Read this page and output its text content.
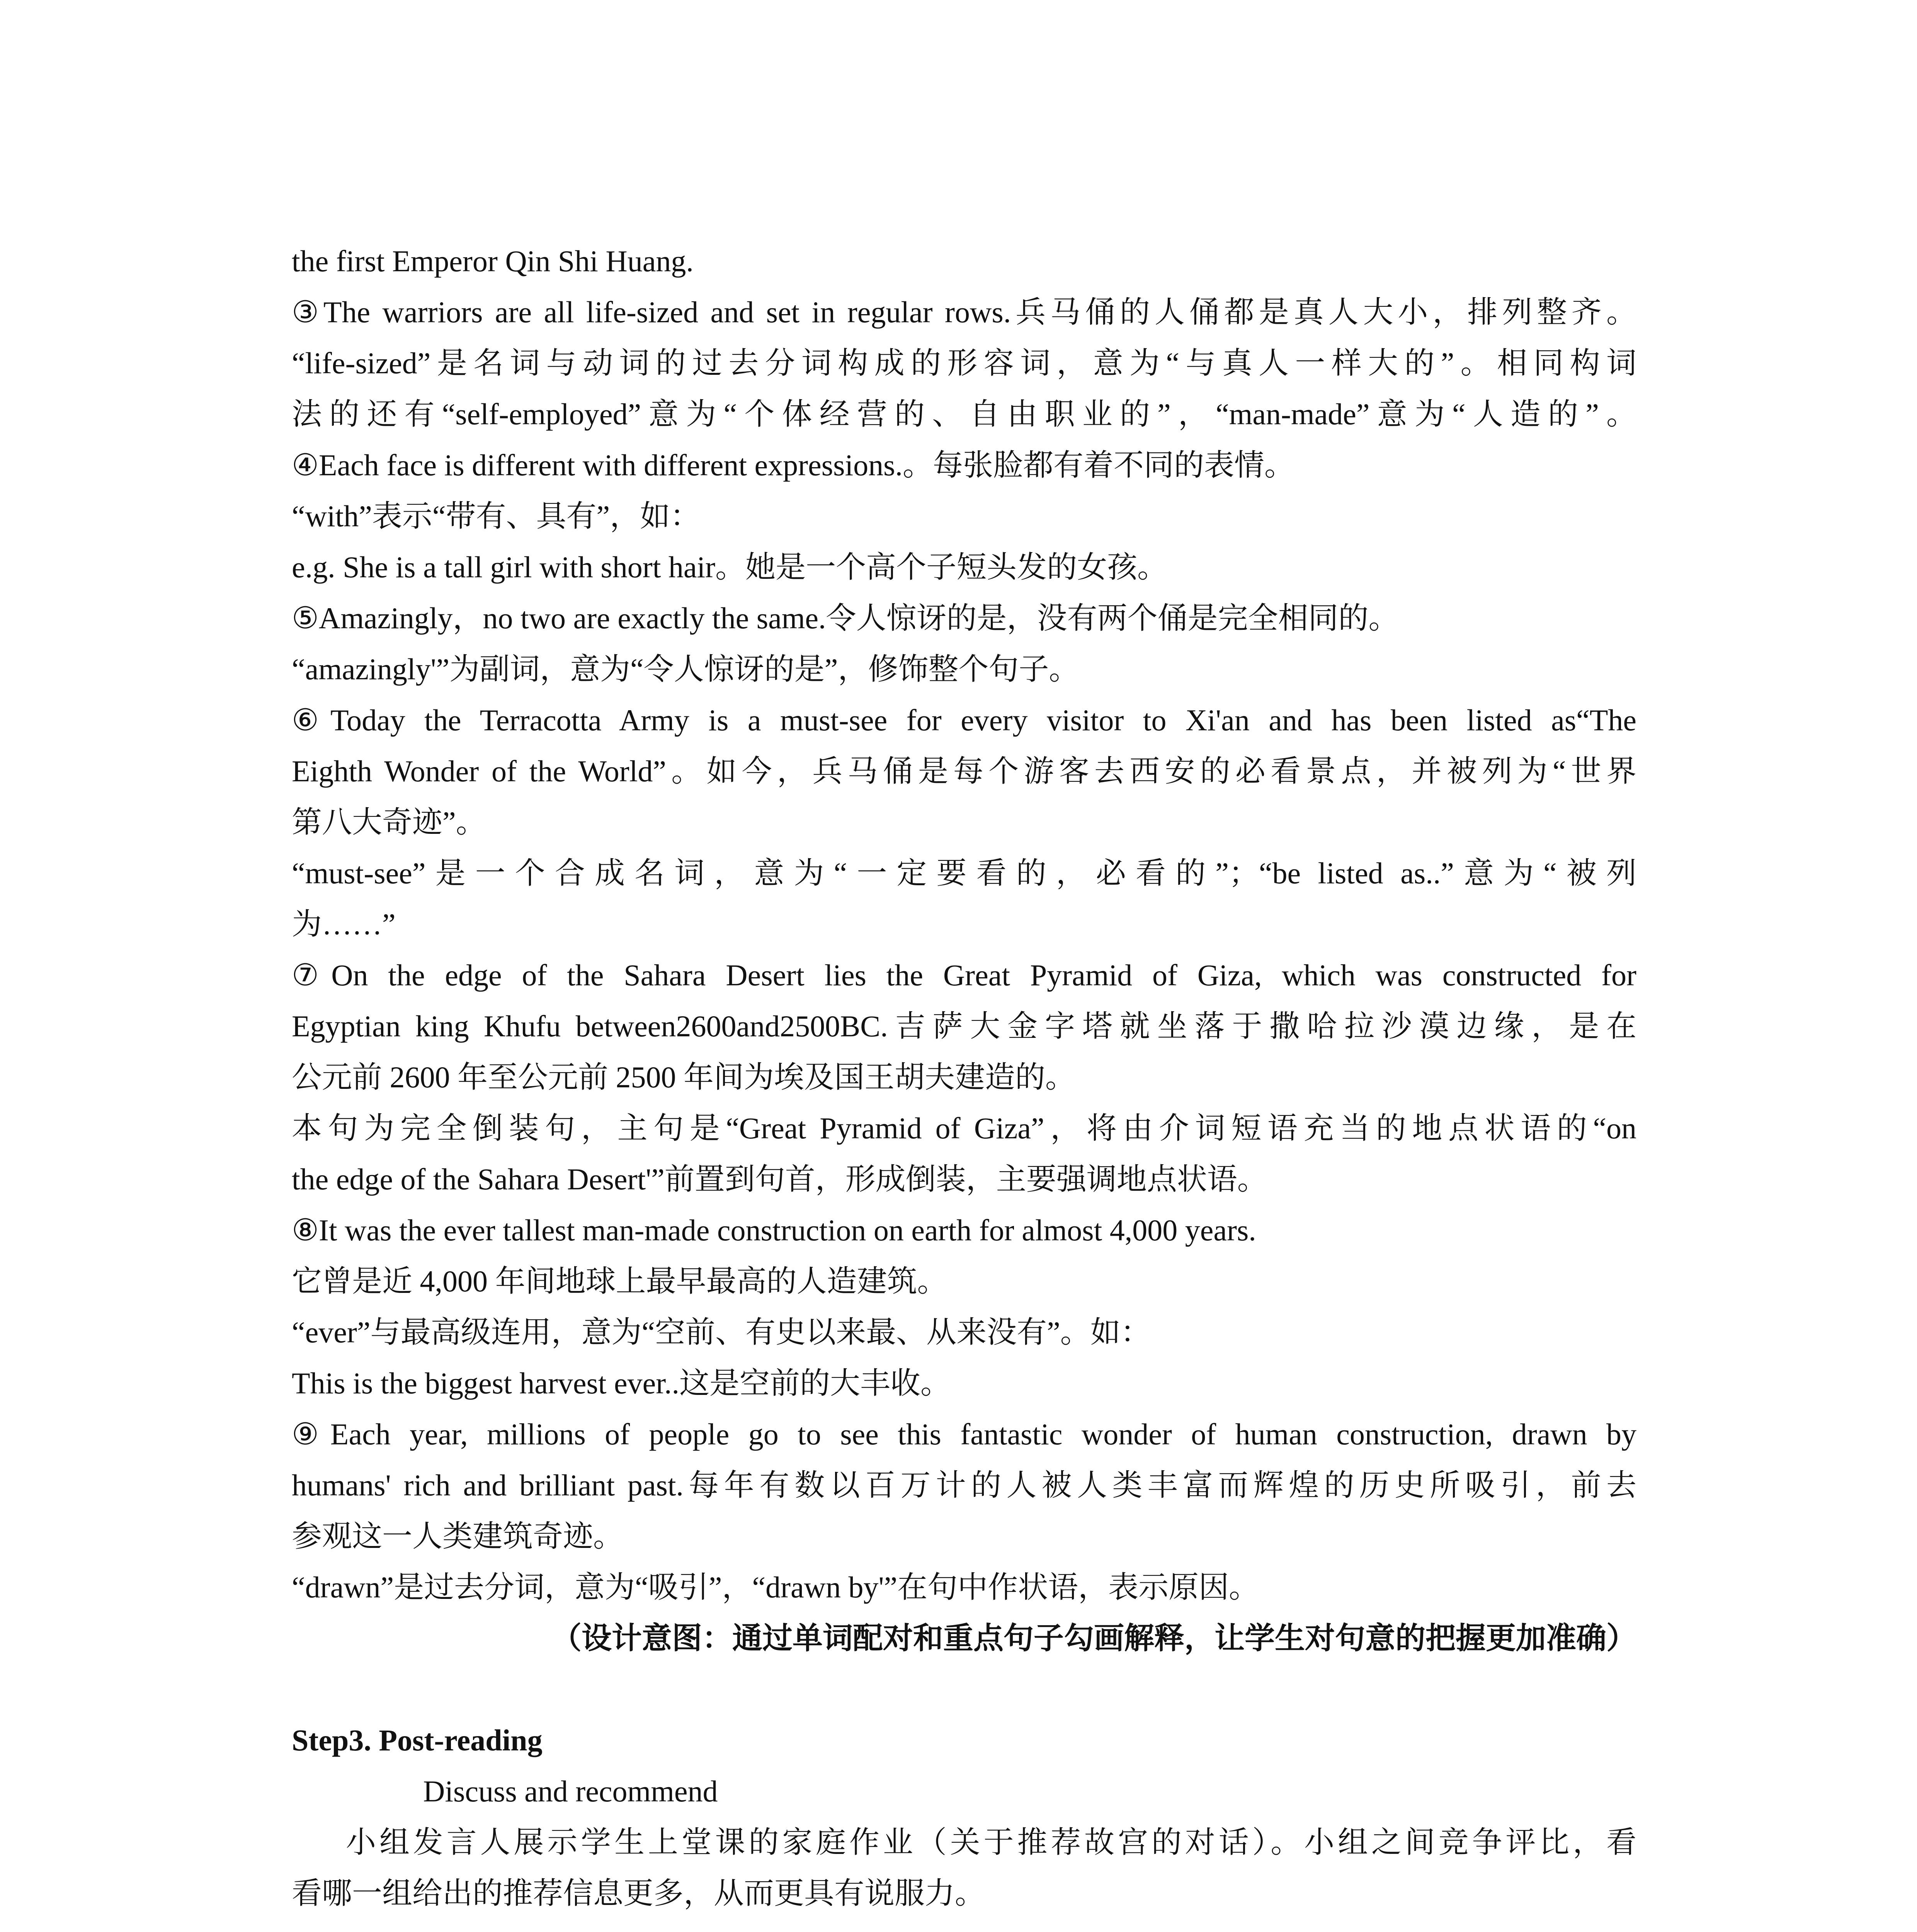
the first Emperor Qin Shi Huang.
③The warriors are all life-sized and set in regular rows.兵马俑的人俑都是真人大小，排列整齐。
“life-sized”是名词与动词的过去分词构成的形容词，意为“与真人一样大的”。相同构词
法的还有“self-employed”意为“个体经营的、自由职业的”，“man-made”意为“人造的”。
④Each face is different with different expressions.。每张脸都有着不同的表情。
“with”表示“带有、具有”，如：
e.g. She is a tall girl with short hair。她是一个高个子短头发的女孩。
⑤Amazingly，no two are exactly the same.令人惊讶的是，没有两个俑是完全相同的。
“amazingly'”为副词，意为“令人惊讶的是”，修饰整个句子。
⑥Today the Terracotta Army is a must-see for every visitor to Xi'an and has been listed as“The
Eighth Wonder of the World”。如今，兵马俑是每个游客去西安的必看景点，并被列为“世界
第八大奇迹”。
“must-see”是一个合成名词，意为“一定要看的，必看的”；“be listed as..”意为“被列
为……”
⑦On the edge of the Sahara Desert lies the Great Pyramid of Giza, which was constructed for
Egyptian king Khufu between2600and2500BC.吉萨大金字塔就坐落于撒哈拉沙漠边缘，是在
公元前 2600 年至公元前 2500 年间为埃及国王胡夫建造的。
本句为完全倒装句，主句是“Great Pyramid of Giza”，将由介词短语充当的地点状语的“on
the edge of the Sahara Desert'”前置到句首，形成倒装，主要强调地点状语。
⑧It was the ever tallest man-made construction on earth for almost 4,000 years.
它曾是近 4,000 年间地球上最早最高的人造建筑。
“ever”与最高级连用，意为“空前、有史以来最、从来没有”。如：
This is the biggest harvest ever..这是空前的大丰收。
⑨Each year, millions of people go to see this fantastic wonder of human construction, drawn by
humans' rich and brilliant past.每年有数以百万计的人被人类丰富而辉煌的历史所吸引，前去
参观这一人类建筑奇迹。
“drawn”是过去分词，意为“吸引”，“drawn by'”在句中作状语，表示原因。
（设计意图：通过单词配对和重点句子勾画解释，让学生对句意的把握更加准确）
Step3. Post-reading
Discuss and recommend
小组发言人展示学生上堂课的家庭作业（关于推荐故宫的对话）。小组之间竞争评比，看
看哪一组给出的推荐信息更多，从而更具有说服力。
